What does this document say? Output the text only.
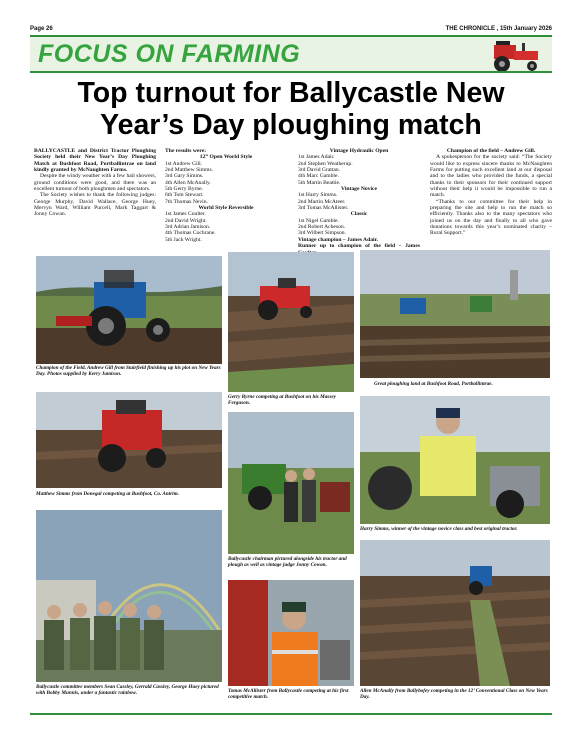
Page 26	THE CHRONICLE , 15th January 2026
FOCUS ON FARMING
Top turnout for Ballycastle New Year’s Day ploughing match

BALLYCASTLE and District Tractor Ploughing Society held their New Year’s Day Ploughing Match at Bushfoot Road, Portballintrae on land kindly granted by McNaughten Farms.

Despite the windy weather with a few hail showers, ground conditions were good, and there was an excellent turnout of both ploughmen and spectators.

The Society wishes to thank the following judges: George Murphy, David Wallace, George Huey, Mervyn Ward, William Purcell, Mark Taggart & Jonny Cowan.

The results were:
12” Open World Style
1st Andrew Gill.
2nd Matthew Simms.
3rd Gary Simms.
4th Allen McAnally.
5th Gerry Byrne.
6th Tom Stewart.
7th Thomas Nevin.
World Style Reversible
1st James Coulter.
2nd David Wright.
3rd Adrian Jamison.
4th Thomas Cochrane.
5th Jack Wright.
Vintage Hydraulic Open
1st James Adair.
2nd Stephen Weatherup.
3rd David Grattan.
4th Marc Gamble.
5th Martin Beattie.
Vintage Novice
1st Harry Simms.
2nd Martin McAteer.
3rd Tomas McAllister.
Classic
1st Nigel Gamble.
2nd Robert Acheson.
3rd Wilbert Simpson.
Vintage champion – James Adair.

Runner up to champion of the field – James

Champion of the field – Andrew Gill.

A spokesperson for the society said: “The Society would like to express sincere thanks to McNaughten Farms for putting such excellent land at our disposal and to the ladies who provided the funds, a special thanks to their sponsors for their continued support without their help it would be impossible to run a match.

“Thanks to our committee for their help in preparing the site and help to run the match so efficiently. Thanks also to the many spectators who joined us on the day and finally to all who gave donations towards this year’s nominated charity – Rural Support.”

Champion of the Field, Andrew Gill from Stairfield finishing up his plot on New Years Day. Photos supplied by Kerry Jamison.
Gerry Byrne competing at Bushfoot on his Massey Ferguson.
Great ploughing land at Bushfoot Road, Portballintrae.
Matthew Simms from Donegal competing at Bushfoot, Co. Antrim.
Ballycastle chairman pictured alongside his tractor and plough as well as vintage judge Jonny Cowan.
Harry Simms, winner of the vintage novice class and best original tractor.
Ballycastle committee members Sean Cassley, Gerrald Cassley, George Huey pictured with Bobby Munnis, under a fantastic rainbow.	Tomas McAllister from Ballycastle competing at his first competitive match.
Allen McAnally from Ballybofey competing in the 12’ Conventional Class on New Years Day.
